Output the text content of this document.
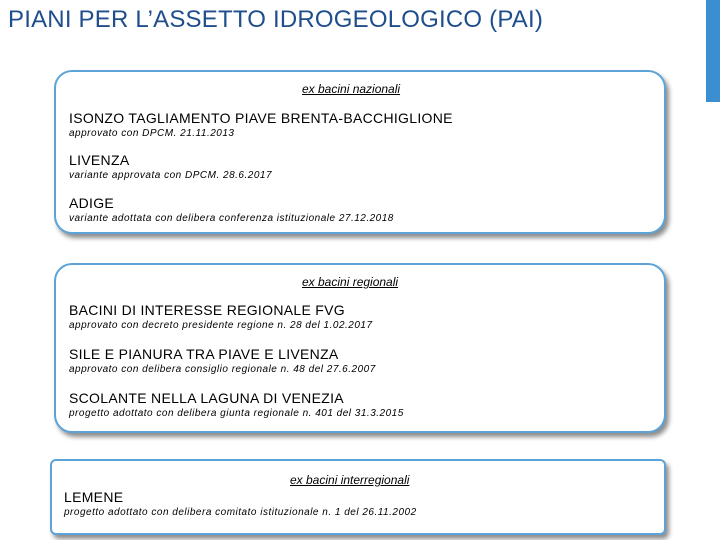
PIANI PER L’ASSETTO IDROGEOLOGICO (PAI)
ex bacini nazionali
ISONZO TAGLIAMENTO PIAVE BRENTA-BACCHIGLIONE
approvato con DPCM. 21.11.2013
LIVENZA
variante approvata con DPCM. 28.6.2017
ADIGE
variante adottata con delibera conferenza istituzionale 27.12.2018
ex bacini regionali
BACINI DI INTERESSE REGIONALE FVG
approvato con decreto presidente regione n. 28 del 1.02.2017
SILE E PIANURA TRA PIAVE E LIVENZA
approvato con delibera consiglio regionale n. 48 del 27.6.2007
SCOLANTE NELLA LAGUNA DI VENEZIA
progetto adottato con delibera giunta regionale n. 401 del 31.3.2015
ex bacini interregionali
LEMENE
progetto adottato con delibera comitato istituzionale n. 1 del 26.11.2002
